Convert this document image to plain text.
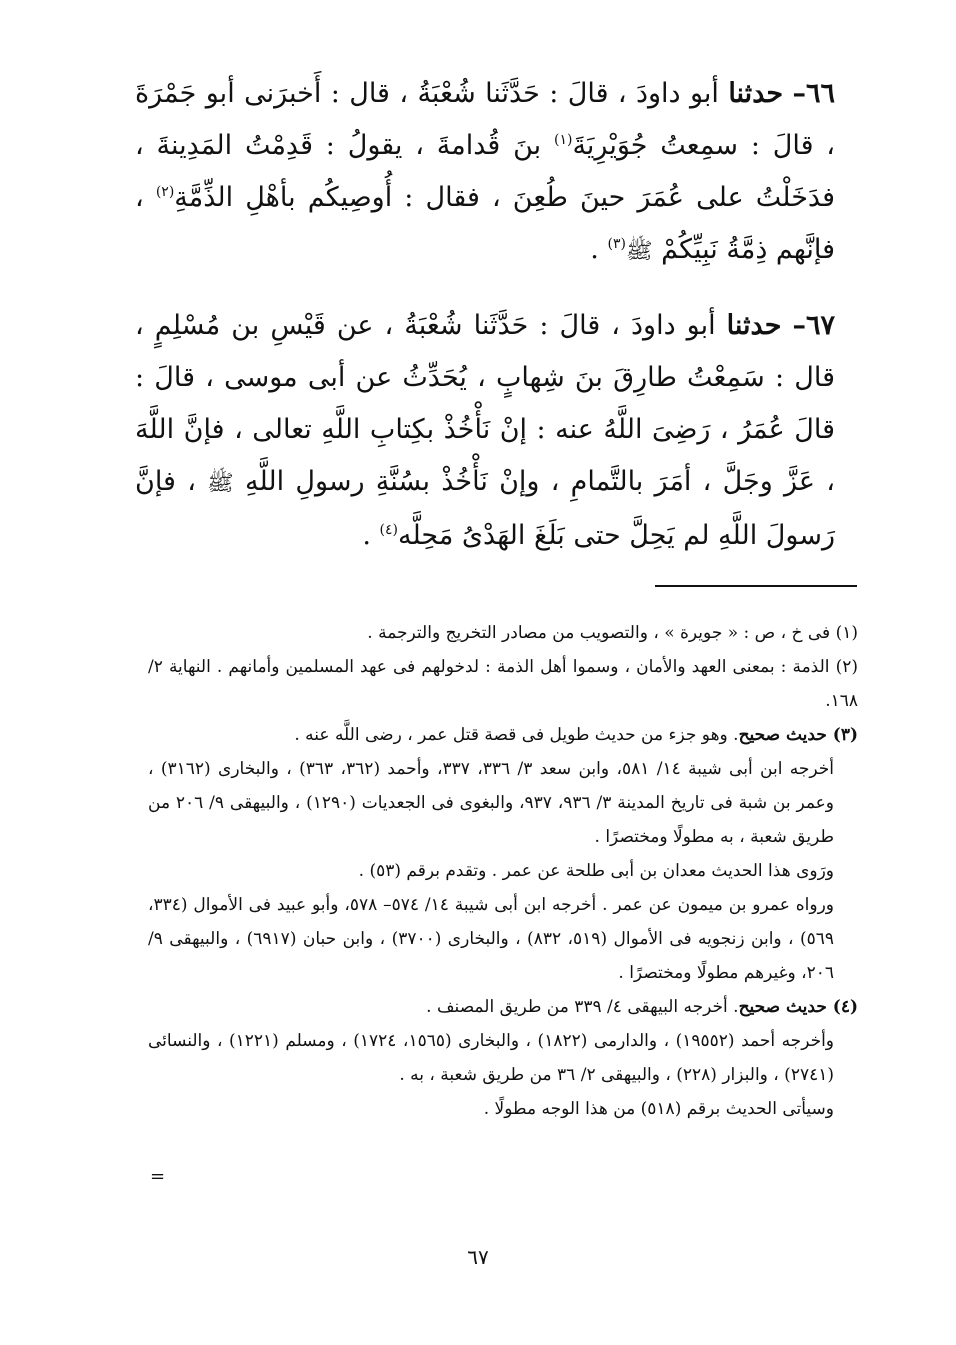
٦٦– حدثنا أبو داودَ ، قالَ : حَدَّثَنا شُعْبَةُ ، قال : أَخبرَنى أبو جَمْرَةَ ، قالَ : سمِعتُ جُوَيْرِيَةَ$^{(١)}$ بنَ قُدامةَ ، يقولُ : قَدِمْتُ المَدِينةَ ، فدَخَلْتُ على عُمَرَ حينَ طُعِنَ ، فقال : أُوصِيكُم بأهْلِ الذِّمَّةِ$^{(٢)}$ ، فإنَّهم ذِمَّةُ نَبِيِّكُمْ ﷺ$^{(٣)}$ .
٦٧– حدثنا أبو داودَ ، قالَ : حَدَّثَنا شُعْبَةُ ، عن قَيْسِ بن مُسْلِمٍ ، قال : سَمِعْتُ طارِقَ بنَ شِهابٍ ، يُحَدِّثُ عن أبى موسى ، قالَ : قالَ عُمَرُ ، رَضِىَ اللَّهُ عنه : إنْ نَأْخُذْ بكِتابِ اللَّهِ تعالى ، فإنَّ اللَّهَ ، عَزَّ وجَلَّ ، أمَرَ بالتَّمامِ ، وإنْ نَأْخُذْ بسُنَّةِ رسولِ اللَّهِ ﷺ ، فإنَّ رَسولَ اللَّهِ لم يَحِلَّ حتى بَلَغَ الهَدْىُ مَحِلَّه$^{(٤)}$ .

(١) فى خ ، ص : « جويرة » ، والتصويب من مصادر التخريج والترجمة .

(٢) الذمة : بمعنى العهد والأمان ، وسموا أهل الذمة : لدخولهم فى عهد المسلمين وأمانهم . النهاية ٢/ ١٦٨.

(٣) حديث صحيح. وهو جزء من حديث طويل فى قصة قتل عمر ، رضى اللَّه عنه .

أخرجه ابن أبى شيبة ١٤/ ٥٨١، وابن سعد ٣/ ٣٣٦، ٣٣٧، وأحمد (٣٦٢، ٣٦٣) ، والبخارى (٣١٦٢) ، وعمر بن شبة فى تاريخ المدينة ٣/ ٩٣٦، ٩٣٧، والبغوى فى الجعديات (١٢٩٠) ، والبيهقى ٩/ ٢٠٦ من طريق شعبة ، به مطولًا ومختصرًا .

ورَوى هذا الحديث معدان بن أبى طلحة عن عمر . وتقدم برقم (٥٣) .

ورواه عمرو بن ميمون عن عمر . أخرجه ابن أبى شيبة ١٤/ ٥٧٤– ٥٧٨، وأبو عبيد فى الأموال (٣٣٤، ٥٦٩) ، وابن زنجويه فى الأموال (٥١٩، ٨٣٢) ، والبخارى (٣٧٠٠) ، وابن حبان (٦٩١٧) ، والبيهقى ٩/ ٢٠٦، وغيرهم مطولًا ومختصرًا .

(٤) حديث صحيح. أخرجه البيهقى ٤/ ٣٣٩ من طريق المصنف .

وأخرجه أحمد (١٩٥٥٢) ، والدارمى (١٨٢٢) ، والبخارى (١٥٦٥، ١٧٢٤) ، ومسلم (١٢٢١) ، والنسائى (٢٧٤١) ، والبزار (٢٢٨) ، والبيهقى ٢/ ٣٦ من طريق شعبة ، به .

وسيأتى الحديث برقم (٥١٨) من هذا الوجه مطولًا .

=
٦٧
